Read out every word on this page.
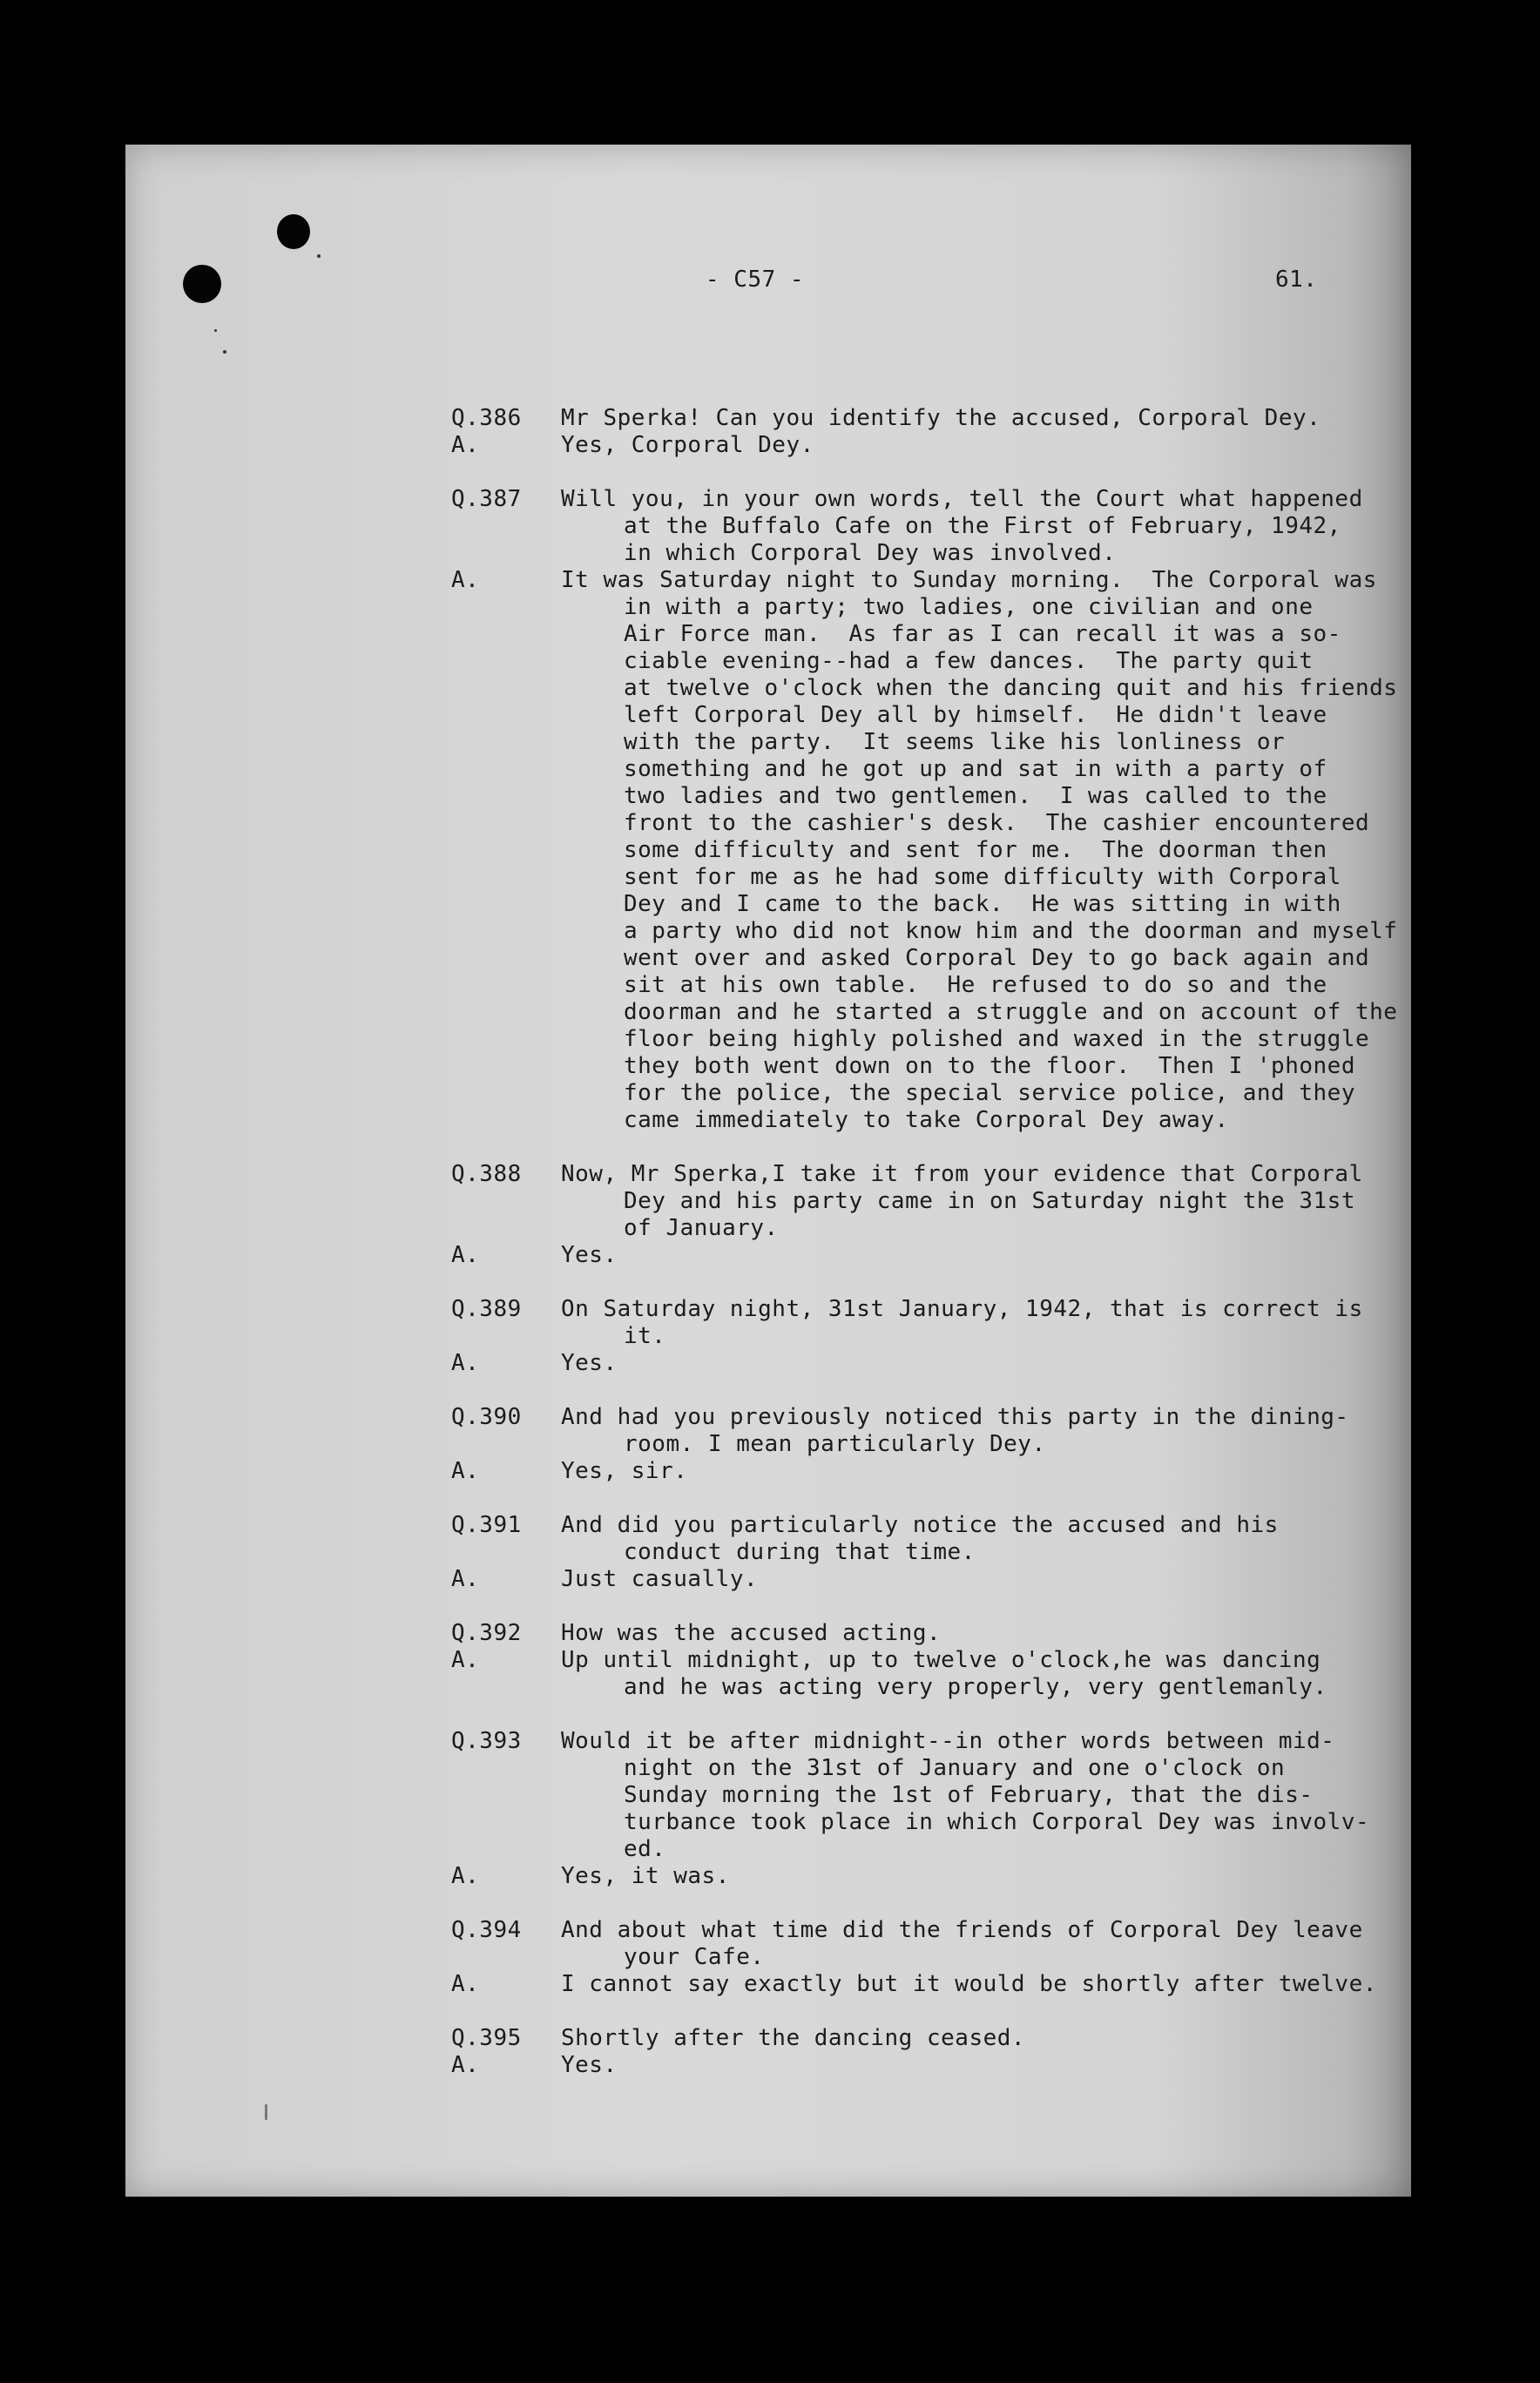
- C57 -	61.
Q.386	Mr Sperka! Can you identify the accused, Corporal Dey.
A.	Yes, Corporal Dey.
Q.387	Will you, in your own words, tell the Court what happened
at the Buffalo Cafe on the First of February, 1942,
in which Corporal Dey was involved.
A.	It was Saturday night to Sunday morning.  The Corporal was
in with a party; two ladies, one civilian and one
Air Force man.  As far as I can recall it was a so-
ciable evening--had a few dances.  The party quit
at twelve o'clock when the dancing quit and his friends
left Corporal Dey all by himself.  He didn't leave
with the party.  It seems like his lonliness or
something and he got up and sat in with a party of
two ladies and two gentlemen.  I was called to the
front to the cashier's desk.  The cashier encountered
some difficulty and sent for me.  The doorman then
sent for me as he had some difficulty with Corporal
Dey and I came to the back.  He was sitting in with
a party who did not know him and the doorman and myself
went over and asked Corporal Dey to go back again and
sit at his own table.  He refused to do so and the
doorman and he started a struggle and on account of the
floor being highly polished and waxed in the struggle
they both went down on to the floor.  Then I 'phoned
for the police, the special service police, and they
came immediately to take Corporal Dey away.
Q.388	Now, Mr Sperka,I take it from your evidence that Corporal
Dey and his party came in on Saturday night the 31st
of January.
A.	Yes.
Q.389	On Saturday night, 31st January, 1942, that is correct is
it.
A.	Yes.
Q.390	And had you previously noticed this party in the dining-
room. I mean particularly Dey.
A.	Yes, sir.
Q.391	And did you particularly notice the accused and his
conduct during that time.
A.	Just casually.
Q.392	How was the accused acting.
A.	Up until midnight, up to twelve o'clock,he was dancing
and he was acting very properly, very gentlemanly.
Q.393	Would it be after midnight--in other words between mid-
night on the 31st of January and one o'clock on
Sunday morning the 1st of February, that the dis-
turbance took place in which Corporal Dey was involv-
ed.
A.	Yes, it was.
Q.394	And about what time did the friends of Corporal Dey leave
your Cafe.
A.	I cannot say exactly but it would be shortly after twelve.
Q.395	Shortly after the dancing ceased.
A.	Yes.
